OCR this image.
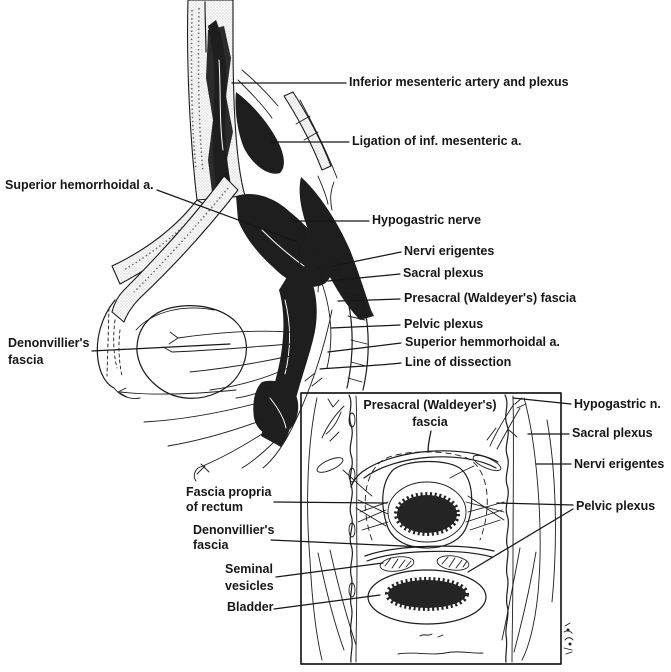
Inferior mesenteric artery and plexus
Ligation of inf. mesenteric a.
Superior hemorrhoidal a.
Hypogastric nerve
Nervi erigentes
Sacral plexus
Presacral (Waldeyer's) fascia
Pelvic plexus
Superior hemmorhoidal a.
Line of dissection
Denonvillier's
fascia
Presacral (Waldeyer's)
fascia
Hypogastric n.
Sacral plexus
Nervi erigentes
Pelvic plexus
Fascia propria
of rectum
Denonvillier's
fascia
Seminal
vesicles
Bladder
